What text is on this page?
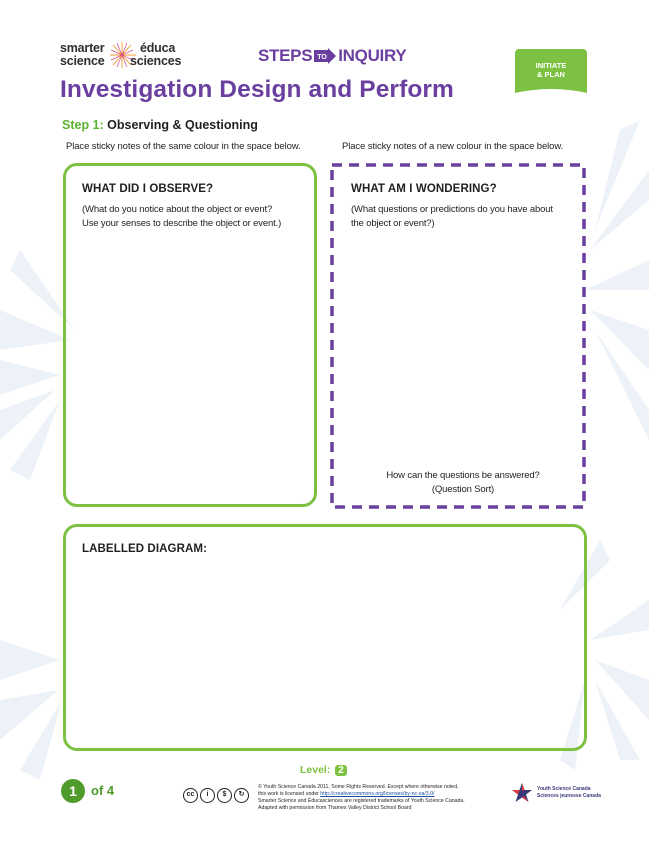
smarter	éduca
science sciences	STEPS TO INQUIRY
INITIATE
& PLAN
Investigation Design and Perform
Step 1: Observing & Questioning
Place sticky notes of the same colour in the space below.	Place sticky notes of a new colour in the space below.
WHAT DID I OBSERVE?
(What do you notice about the object or event?
Use your senses to describe the object or event.)
WHAT AM I WONDERING?
(What questions or predictions do you have about
the object or event?)
How can the questions be answered?
(Question Sort)
LABELLED DIAGRAM:
Level: 2
1	of 4	cc	i	$	↻
© Youth Science Canada 2011, Some Rights Reserved. Except where otherwise noted,
this work is licensed under http://creativecommons.org/licenses/by-nc-sa/3.0/
Smarter Science and Éducasciences are registered trademarks of Youth Science Canada.
Adapted with permission from Thames Valley District School Board
Youth Science Canada
Sciences jeunesse Canada
